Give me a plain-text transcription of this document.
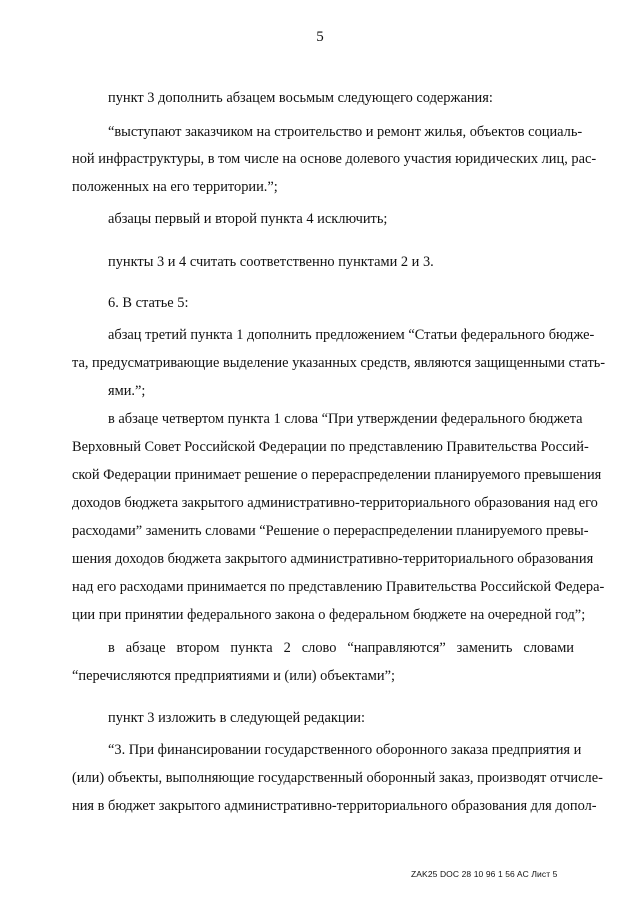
5
пункт 3 дополнить абзацем восьмым следующего содержания:
“выступают заказчиком на строительство и ремонт жилья, объектов социаль-
ной инфраструктуры, в том числе на основе долевого участия юридических лиц, рас-
положенных на его территории.”;
абзацы первый и второй пункта 4 исключить;
пункты 3 и 4 считать соответственно пунктами 2 и 3.
6. В статье 5:
абзац третий пункта 1 дополнить предложением “Статьи федерального бюдже-
та, предусматривающие выделение указанных средств, являются защищенными стать-
ями.”;
в абзаце четвертом пункта 1 слова “При утверждении федерального бюджета
Верховный Совет Российской Федерации по представлению Правительства Россий-
ской Федерации принимает решение о перераспределении планируемого превышения
доходов бюджета закрытого административно-территориального образования над его
расходами” заменить словами “Решение о перераспределении планируемого превы-
шения доходов бюджета закрытого административно-территориального образования
над его расходами принимается по представлению Правительства Российской Федера-
ции при принятии федерального закона о федеральном бюджете на очередной год”;
в абзаце втором пункта 2 слово “направляются” заменить словами
“перечисляются предприятиями и (или) объектами”;
пункт 3 изложить в следующей редакции:
“3. При финансировании государственного оборонного заказа предприятия и
(или) объекты, выполняющие государственный оборонный заказ, производят отчисле-
ния в бюджет закрытого административно-территориального образования для допол-
ZAK25 DOC 28 10 96 1 56 AC Лист 5
